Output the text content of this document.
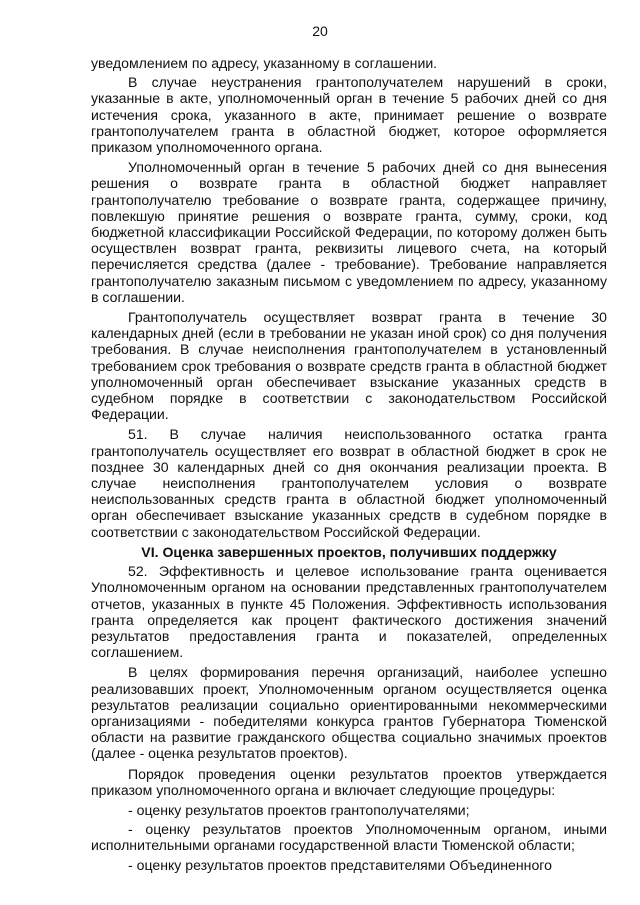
20

уведомлением по адресу, указанному в соглашении.

В случае неустранения грантополучателем нарушений в сроки, указанные в акте, уполномоченный орган в течение 5 рабочих дней со дня истечения срока, указанного в акте, принимает решение о возврате грантополучателем гранта в областной бюджет, которое оформляется приказом уполномоченного органа.

Уполномоченный орган в течение 5 рабочих дней со дня вынесения решения о возврате гранта в областной бюджет направляет грантополучателю требование о возврате гранта, содержащее причину, повлекшую принятие решения о возврате гранта, сумму, сроки, код бюджетной классификации Российской Федерации, по которому должен быть осуществлен возврат гранта, реквизиты лицевого счета, на который перечисляется средства (далее - требование). Требование направляется грантополучателю заказным письмом с уведомлением по адресу, указанному в соглашении.

Грантополучатель осуществляет возврат гранта в течение 30 календарных дней (если в требовании не указан иной срок) со дня получения требования. В случае неисполнения грантополучателем в установленный требованием срок требования о возврате средств гранта в областной бюджет уполномоченный орган обеспечивает взыскание указанных средств в судебном порядке в соответствии с законодательством Российской Федерации.

51. В случае наличия неиспользованного остатка гранта грантополучатель осуществляет его возврат в областной бюджет в срок не позднее 30 календарных дней со дня окончания реализации проекта. В случае неисполнения грантополучателем условия о возврате неиспользованных средств гранта в областной бюджет уполномоченный орган обеспечивает взыскание указанных средств в судебном порядке в соответствии с законодательством Российской Федерации.

VI. Оценка завершенных проектов, получивших поддержку

52. Эффективность и целевое использование гранта оценивается Уполномоченным органом на основании представленных грантополучателем отчетов, указанных в пункте 45 Положения. Эффективность использования гранта определяется как процент фактического достижения значений результатов предоставления гранта и показателей, определенных соглашением.

В целях формирования перечня организаций, наиболее успешно реализовавших проект, Уполномоченным органом осуществляется оценка результатов реализации социально ориентированными некоммерческими организациями - победителями конкурса грантов Губернатора Тюменской области на развитие гражданского общества социально значимых проектов (далее - оценка результатов проектов).

Порядок проведения оценки результатов проектов утверждается приказом уполномоченного органа и включает следующие процедуры:

- оценку результатов проектов грантополучателями;

- оценку результатов проектов Уполномоченным органом, иными исполнительными органами государственной власти Тюменской области;

- оценку результатов проектов представителями Объединенного
